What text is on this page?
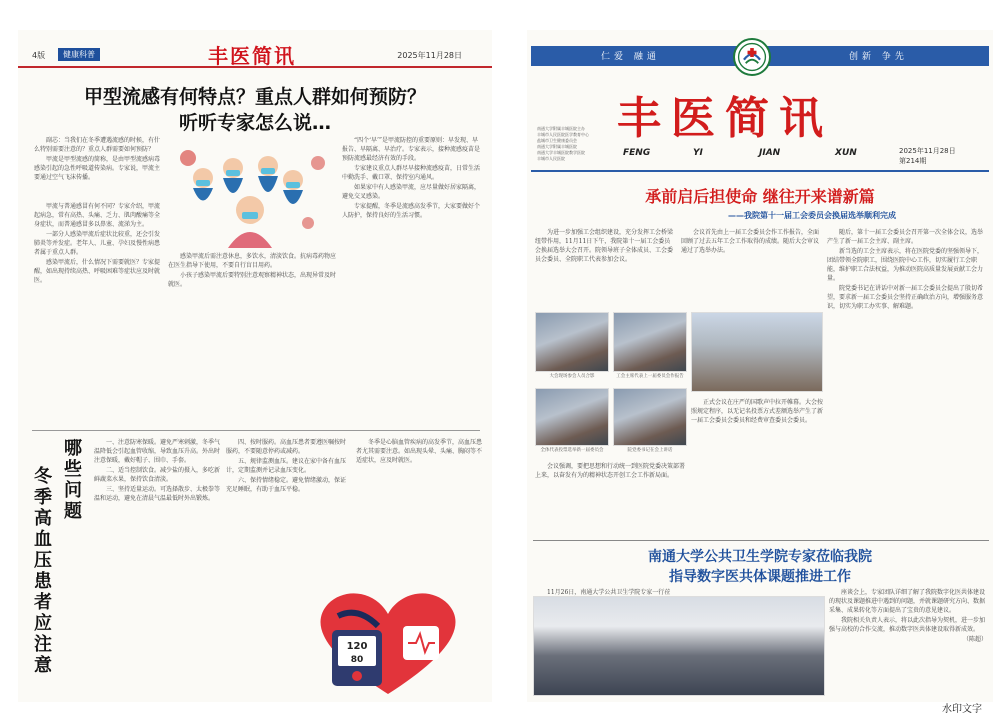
4版	健康科普	丰医简讯	2025年11月28日
甲型流感有何特点？重点人群如何预防？
听听专家怎么说…

副芯：当我们在冬季遭遇流感的时候，有什么特别需要注意的？重点人群需要如何预防？

甲流是甲型流感的简称，是由甲型流感病毒感染引起的急性呼吸道传染病。专家说，甲流主要通过空气飞沫传播。

“四个‘早’”是甲流防控的重要原则：早发现、早报告、早隔离、早治疗。专家表示，接种流感疫苗是预防流感最经济有效的手段。

专家建议重点人群尽早接种流感疫苗，日常生活中勤洗手、戴口罩、保持室内通风。

如果家中有人感染甲流，应尽量做好居家隔离，避免交叉感染。

专家提醒，冬季是流感高发季节，大家要做好个人防护，保持良好的生活习惯。

甲流与普通感冒有何不同？专家介绍，甲流起病急，常有高热、头痛、乏力、肌肉酸痛等全身症状，而普通感冒多以鼻塞、流涕为主。

一部分人感染甲流后症状比较重，还会引发肺炎等并发症。老年人、儿童、孕妇及慢性病患者属于重点人群。

感染甲流后，什么情况下需要就医？专家提醒，如出现持续高热、呼吸困难等症状应及时就医。

感染甲流后需注意休息，多饮水，清淡饮食。抗病毒药物应在医生指导下使用，不要自行盲目用药。

小孩子感染甲流后要特别注意观察精神状态，出现异常及时就医。

冬季高血压患者应注意
哪些问题

一、注意防寒保暖。避免严寒刺激，冬季气温降低会引起血管收缩，导致血压升高。外出时注意保暖，戴好帽子、围巾、手套。

二、适当控制饮食。减少盐的摄入，多吃新鲜蔬菜水果，保持饮食清淡。

三、坚持适量运动。可选择散步、太极拳等温和运动，避免在清晨气温最低时外出锻炼。

四、按时服药。高血压患者要遵医嘱按时服药，不要随意停药或减药。

五、规律监测血压。建议在家中备有血压计，定期监测并记录血压变化。

六、保持情绪稳定。避免情绪激动，保证充足睡眠，有助于血压平稳。

冬季是心脑血管疾病的高发季节，高血压患者尤其需要注意。如出现头晕、头痛、胸闷等不适症状，应及时就医。

120
80
仁爱 融通	创新 争先
丰医简讯
南通大学附属丰城医院主办
丰城市人民医院医学教育中心
盐城市卫生健康委员会
南通大学附属丰城医院
南通大学丰城医院教学医院
丰城市人民医院
FENG	YI	JIAN	XUN	2025年11月28日
第214期
承前启后担使命 继往开来谱新篇
——我院第十一届工会委员会换届选举顺利完成

为进一步加强工会组织建设，充分发挥工会桥梁纽带作用，11月11日下午，我院第十一届工会委员会换届选举大会召开。院领导班子全体成员、工会委员会委员、全院职工代表参加会议。

会议首先由上一届工会委员会作工作报告，全面回顾了过去五年工会工作取得的成绩。随后大会审议通过了选举办法。

随后，第十一届工会委员会召开第一次全体会议，选举产生了新一届工会主席、副主席。

新当选的工会主席表示，将在医院党委的坚强领导下，团结带领全院职工，围绕医院中心工作，切实履行工会职能，维护职工合法权益，为推动医院高质量发展贡献工会力量。

院党委书记在讲话中对新一届工会委员会提出了殷切希望，要求新一届工会委员会坚持正确政治方向，增强服务意识，切实为职工办实事、解难题。

大会现场参会人员合影	工会主席代表上一届委员会作报告
全体代表投票选举新一届委员会	院党委书记在会上讲话

正式会议在庄严的国歌声中拉开帷幕。大会按照规定程序，以无记名投票方式差额选举产生了新一届工会委员会委员和经费审查委员会委员。

会议强调，要把思想和行动统一到医院党委决策部署上来，以奋发有为的精神状态开创工会工作新局面。

南通大学公共卫生学院专家莅临我院
指导数字医共体课题推进工作

11月26日，南通大学公共卫生学院专家一行莅	座谈会上，专家团队详细了解了我院数字化医共体建设的现状及课题推进中遇到的问题，并就课题研究方向、数据采集、成果转化等方面提出了宝贵的意见建议。

我院相关负责人表示，将以此次指导为契机，进一步加强与高校的合作交流，推动数字医共体建设取得新成效。

（陈超）

水印文字
